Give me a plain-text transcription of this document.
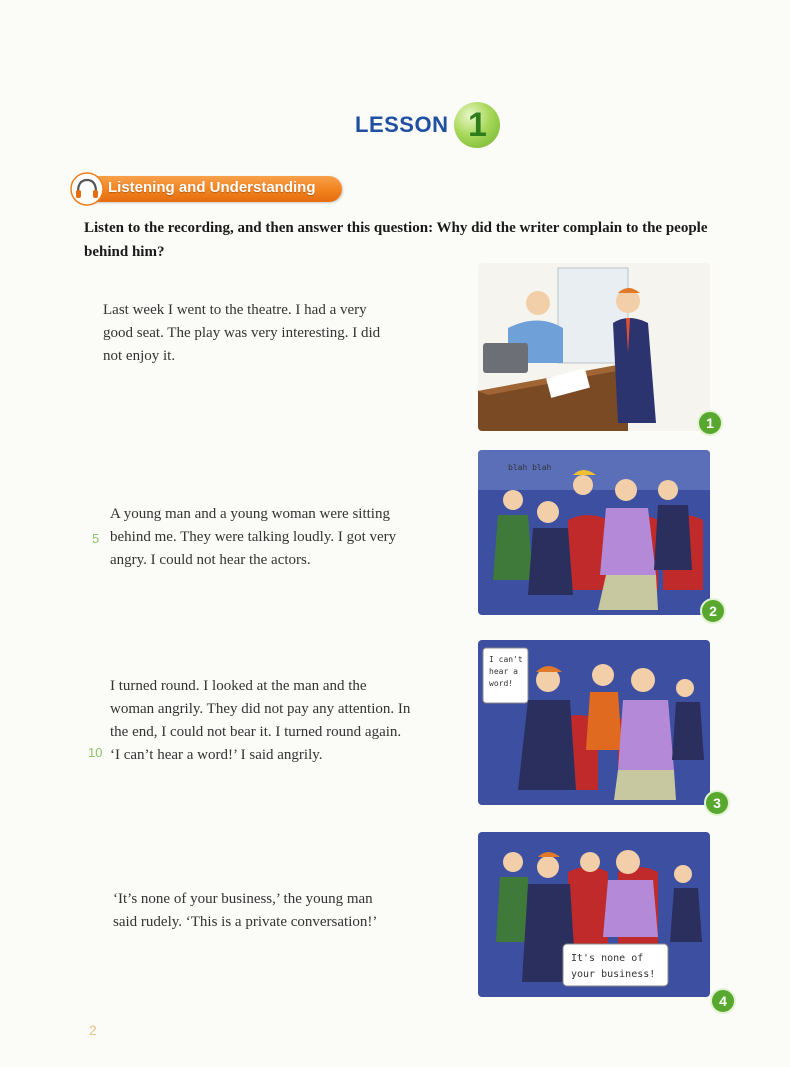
LESSON 1
Listening and Understanding
Listen to the recording, and then answer this question: Why did the writer complain to the people behind him?
Last week I went to the theatre. I had a very
good seat. The play was very interesting. I did
not enjoy it.
A young man and a young woman were sitting
behind me. They were talking loudly. I got very
angry. I could not hear the actors.
5
I turned round. I looked at the man and the
woman angrily. They did not pay any attention. In
the end, I could not bear it. I turned round again.
‘I can’t hear a word!’ I said angrily.
10
‘It’s none of your business,’ the young man
said rudely. ‘This is a private conversation!’
1
blah blah
2
I can't
hear a
word!
3
It's none of
your business!
4
2
